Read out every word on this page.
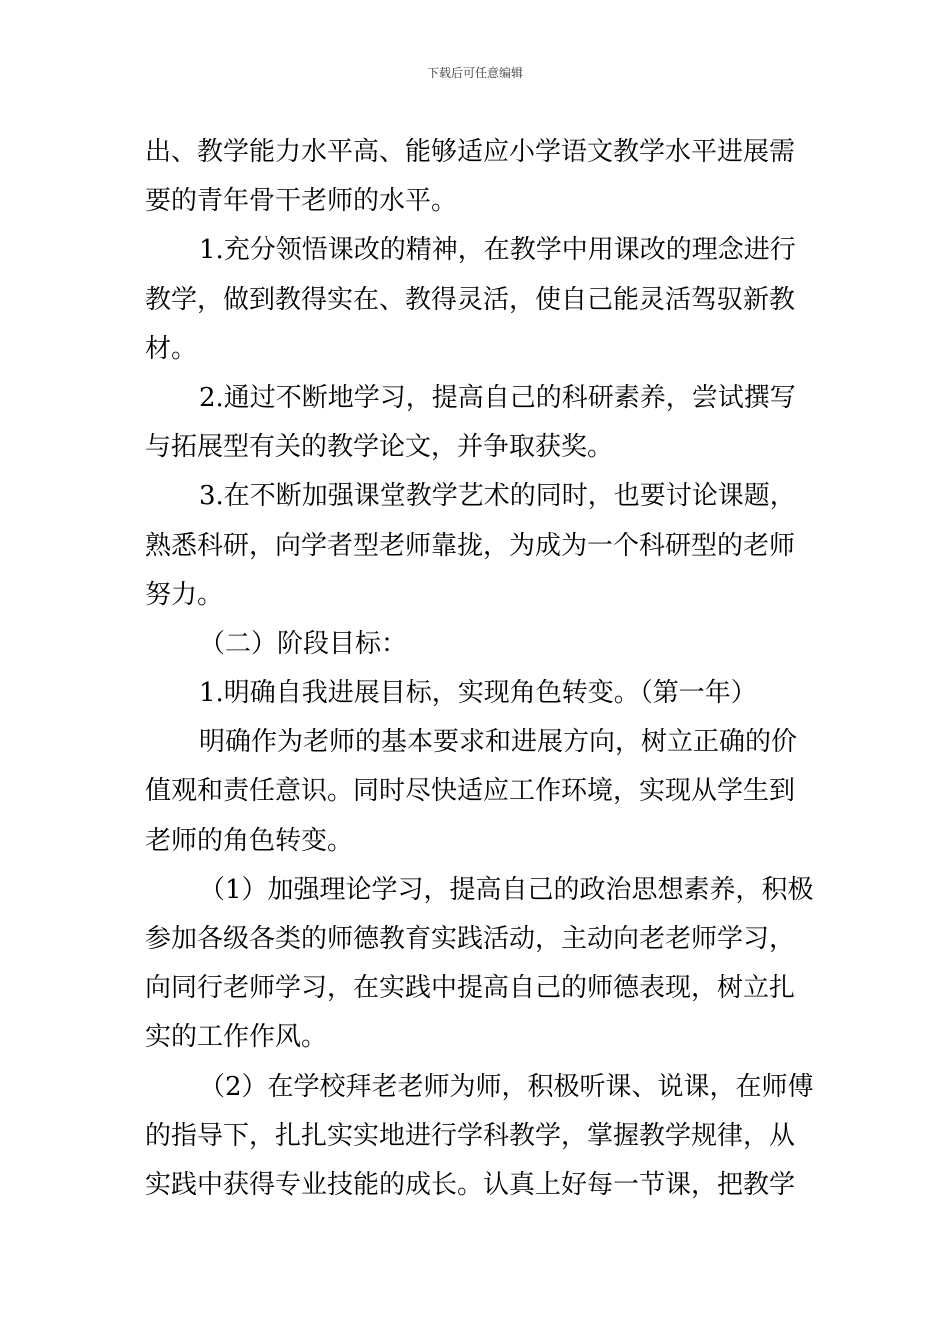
下载后可任意编辑
出、教学能力水平高、能够适应小学语文教学水平进展需
要的青年骨干老师的水平。
1.充分领悟课改的精神，在教学中用课改的理念进行
教学，做到教得实在、教得灵活，使自己能灵活驾驭新教
材。
2.通过不断地学习，提高自己的科研素养，尝试撰写
与拓展型有关的教学论文，并争取获奖。
3.在不断加强课堂教学艺术的同时，也要讨论课题，
熟悉科研，向学者型老师靠拢，为成为一个科研型的老师
努力。
（二）阶段目标：
1.明确自我进展目标，实现角色转变。（第一年）
明确作为老师的基本要求和进展方向，树立正确的价
值观和责任意识。同时尽快适应工作环境，实现从学生到
老师的角色转变。
（1）加强理论学习，提高自己的政治思想素养，积极
参加各级各类的师德教育实践活动，主动向老老师学习，
向同行老师学习，在实践中提高自己的师德表现，树立扎
实的工作作风。
（2）在学校拜老老师为师，积极听课、说课，在师傅
的指导下，扎扎实实地进行学科教学，掌握教学规律，从
实践中获得专业技能的成长。认真上好每一节课，把教学
